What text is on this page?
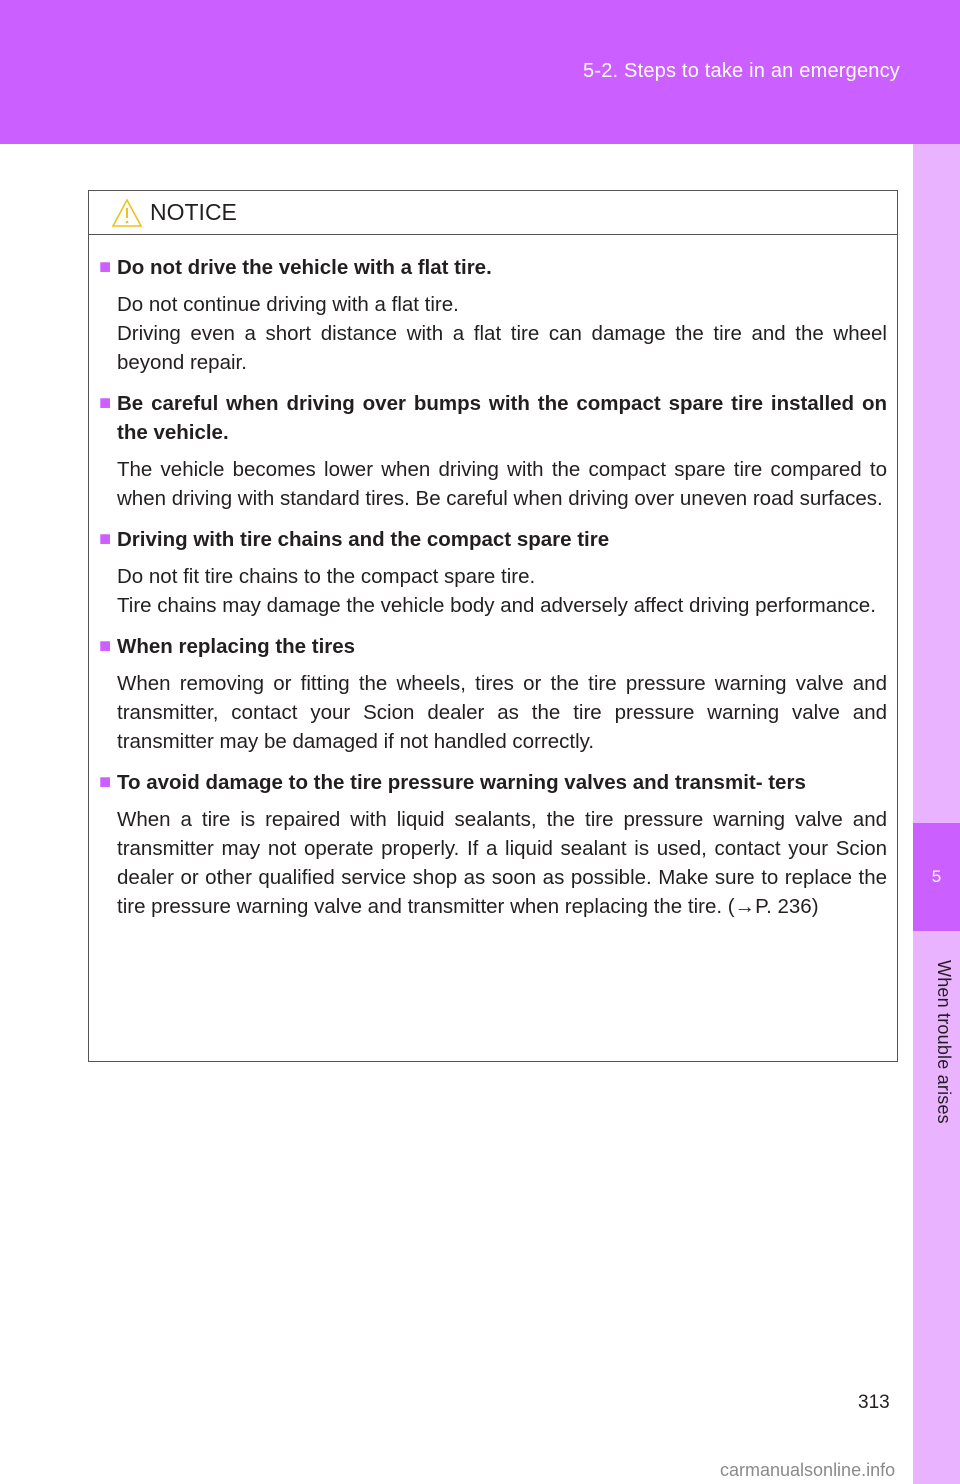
5-2. Steps to take in an emergency
5
When trouble arises
NOTICE
■ Do not drive the vehicle with a flat tire.

Do not continue driving with a flat tire.

Driving even a short distance with a flat tire can damage the tire and the wheel beyond repair.

■ Be careful when driving over bumps with the compact spare tire installed on the vehicle.

The vehicle becomes lower when driving with the compact spare tire compared to when driving with standard tires. Be careful when driving over uneven road surfaces.

■ Driving with tire chains and the compact spare tire

Do not fit tire chains to the compact spare tire.

Tire chains may damage the vehicle body and adversely affect driving performance.

■ When replacing the tires

When removing or fitting the wheels, tires or the tire pressure warning valve and transmitter, contact your Scion dealer as the tire pressure warning valve and transmitter may be damaged if not handled correctly.

■ To avoid damage to the tire pressure warning valves and transmit- ters

When a tire is repaired with liquid sealants, the tire pressure warning valve and transmitter may not operate properly. If a liquid sealant is used, contact your Scion dealer or other qualified service shop as soon as possible. Make sure to replace the tire pressure warning valve and transmitter when replacing the tire. (→P. 236)

313
carmanualsonline.info
